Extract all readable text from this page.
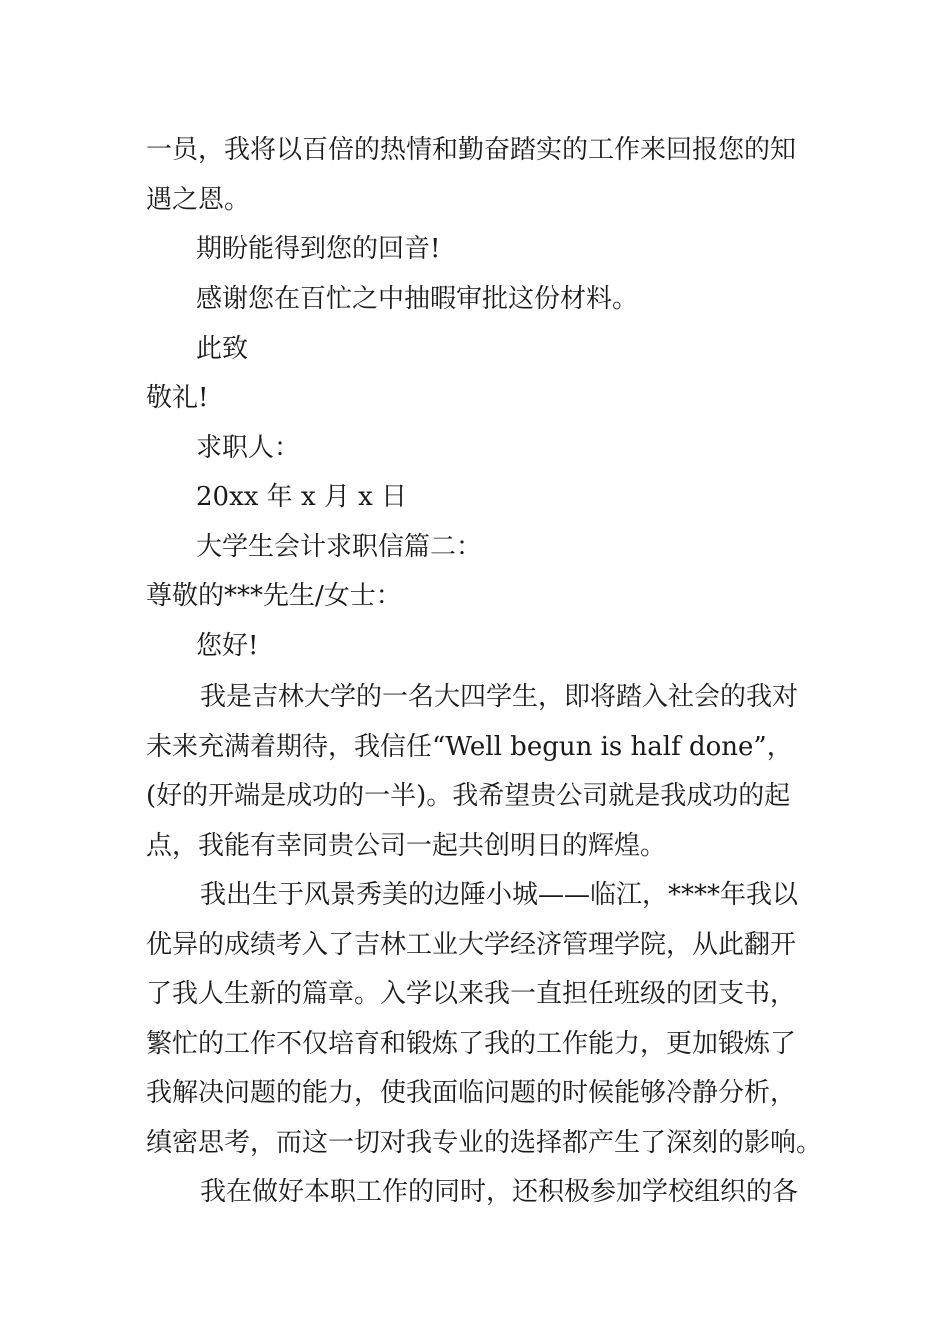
一员，我将以百倍的热情和勤奋踏实的工作来回报您的知
遇之恩。
期盼能得到您的回音!
感谢您在百忙之中抽暇审批这份材料。
此致
敬礼!
求职人：
20xx 年 x 月 x 日
大学生会计求职信篇二：
尊敬的***先生/女士：
您好!
我是吉林大学的一名大四学生，即将踏入社会的我对
未来充满着期待，我信任“Well begun is half done”，
(好的开端是成功的一半)。我希望贵公司就是我成功的起
点，我能有幸同贵公司一起共创明日的辉煌。
我出生于风景秀美的边陲小城——临江，****年我以
优异的成绩考入了吉林工业大学经济管理学院，从此翻开
了我人生新的篇章。入学以来我一直担任班级的团支书，
繁忙的工作不仅培育和锻炼了我的工作能力，更加锻炼了
我解决问题的能力，使我面临问题的时候能够冷静分析，
缜密思考，而这一切对我专业的选择都产生了深刻的影响。
我在做好本职工作的同时，还积极参加学校组织的各
